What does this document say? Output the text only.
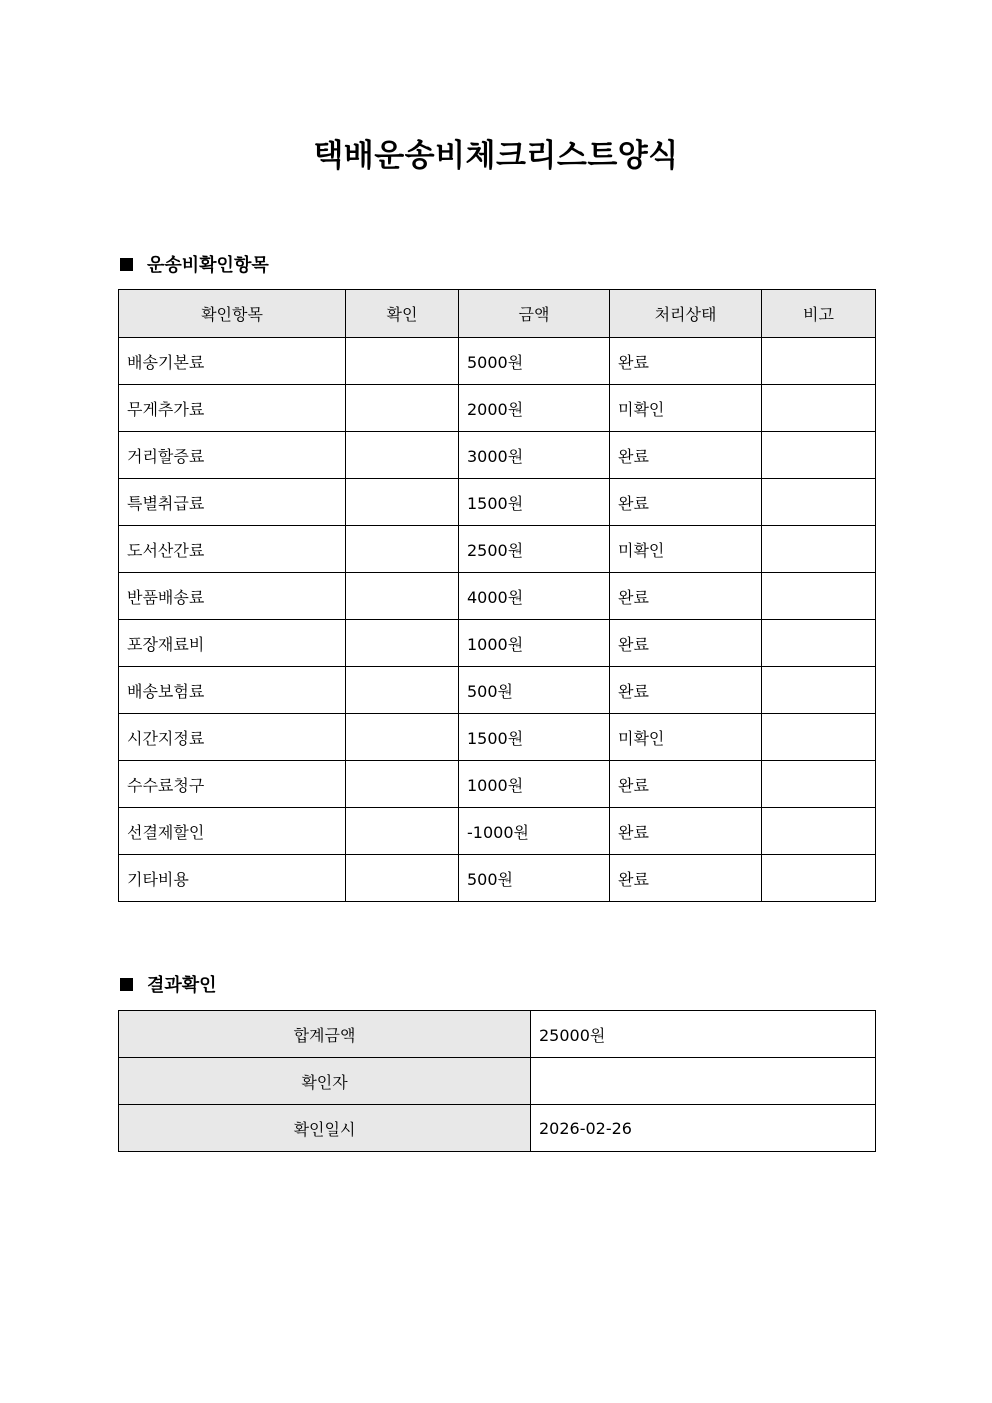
택배운송비체크리스트양식
운송비확인항목
확인항목	확인	금액	처리상태	비고
배송기본료		5000원	완료	
무게추가료		2000원	미확인	
거리할증료		3000원	완료	
특별취급료		1500원	완료	
도서산간료		2500원	미확인	
반품배송료		4000원	완료	
포장재료비		1000원	완료	
배송보험료		500원	완료	
시간지정료		1500원	미확인	
수수료청구		1000원	완료	
선결제할인		-1000원	완료	
기타비용		500원	완료	
결과확인
합계금액	25000원
확인자	
확인일시	2026-02-26
